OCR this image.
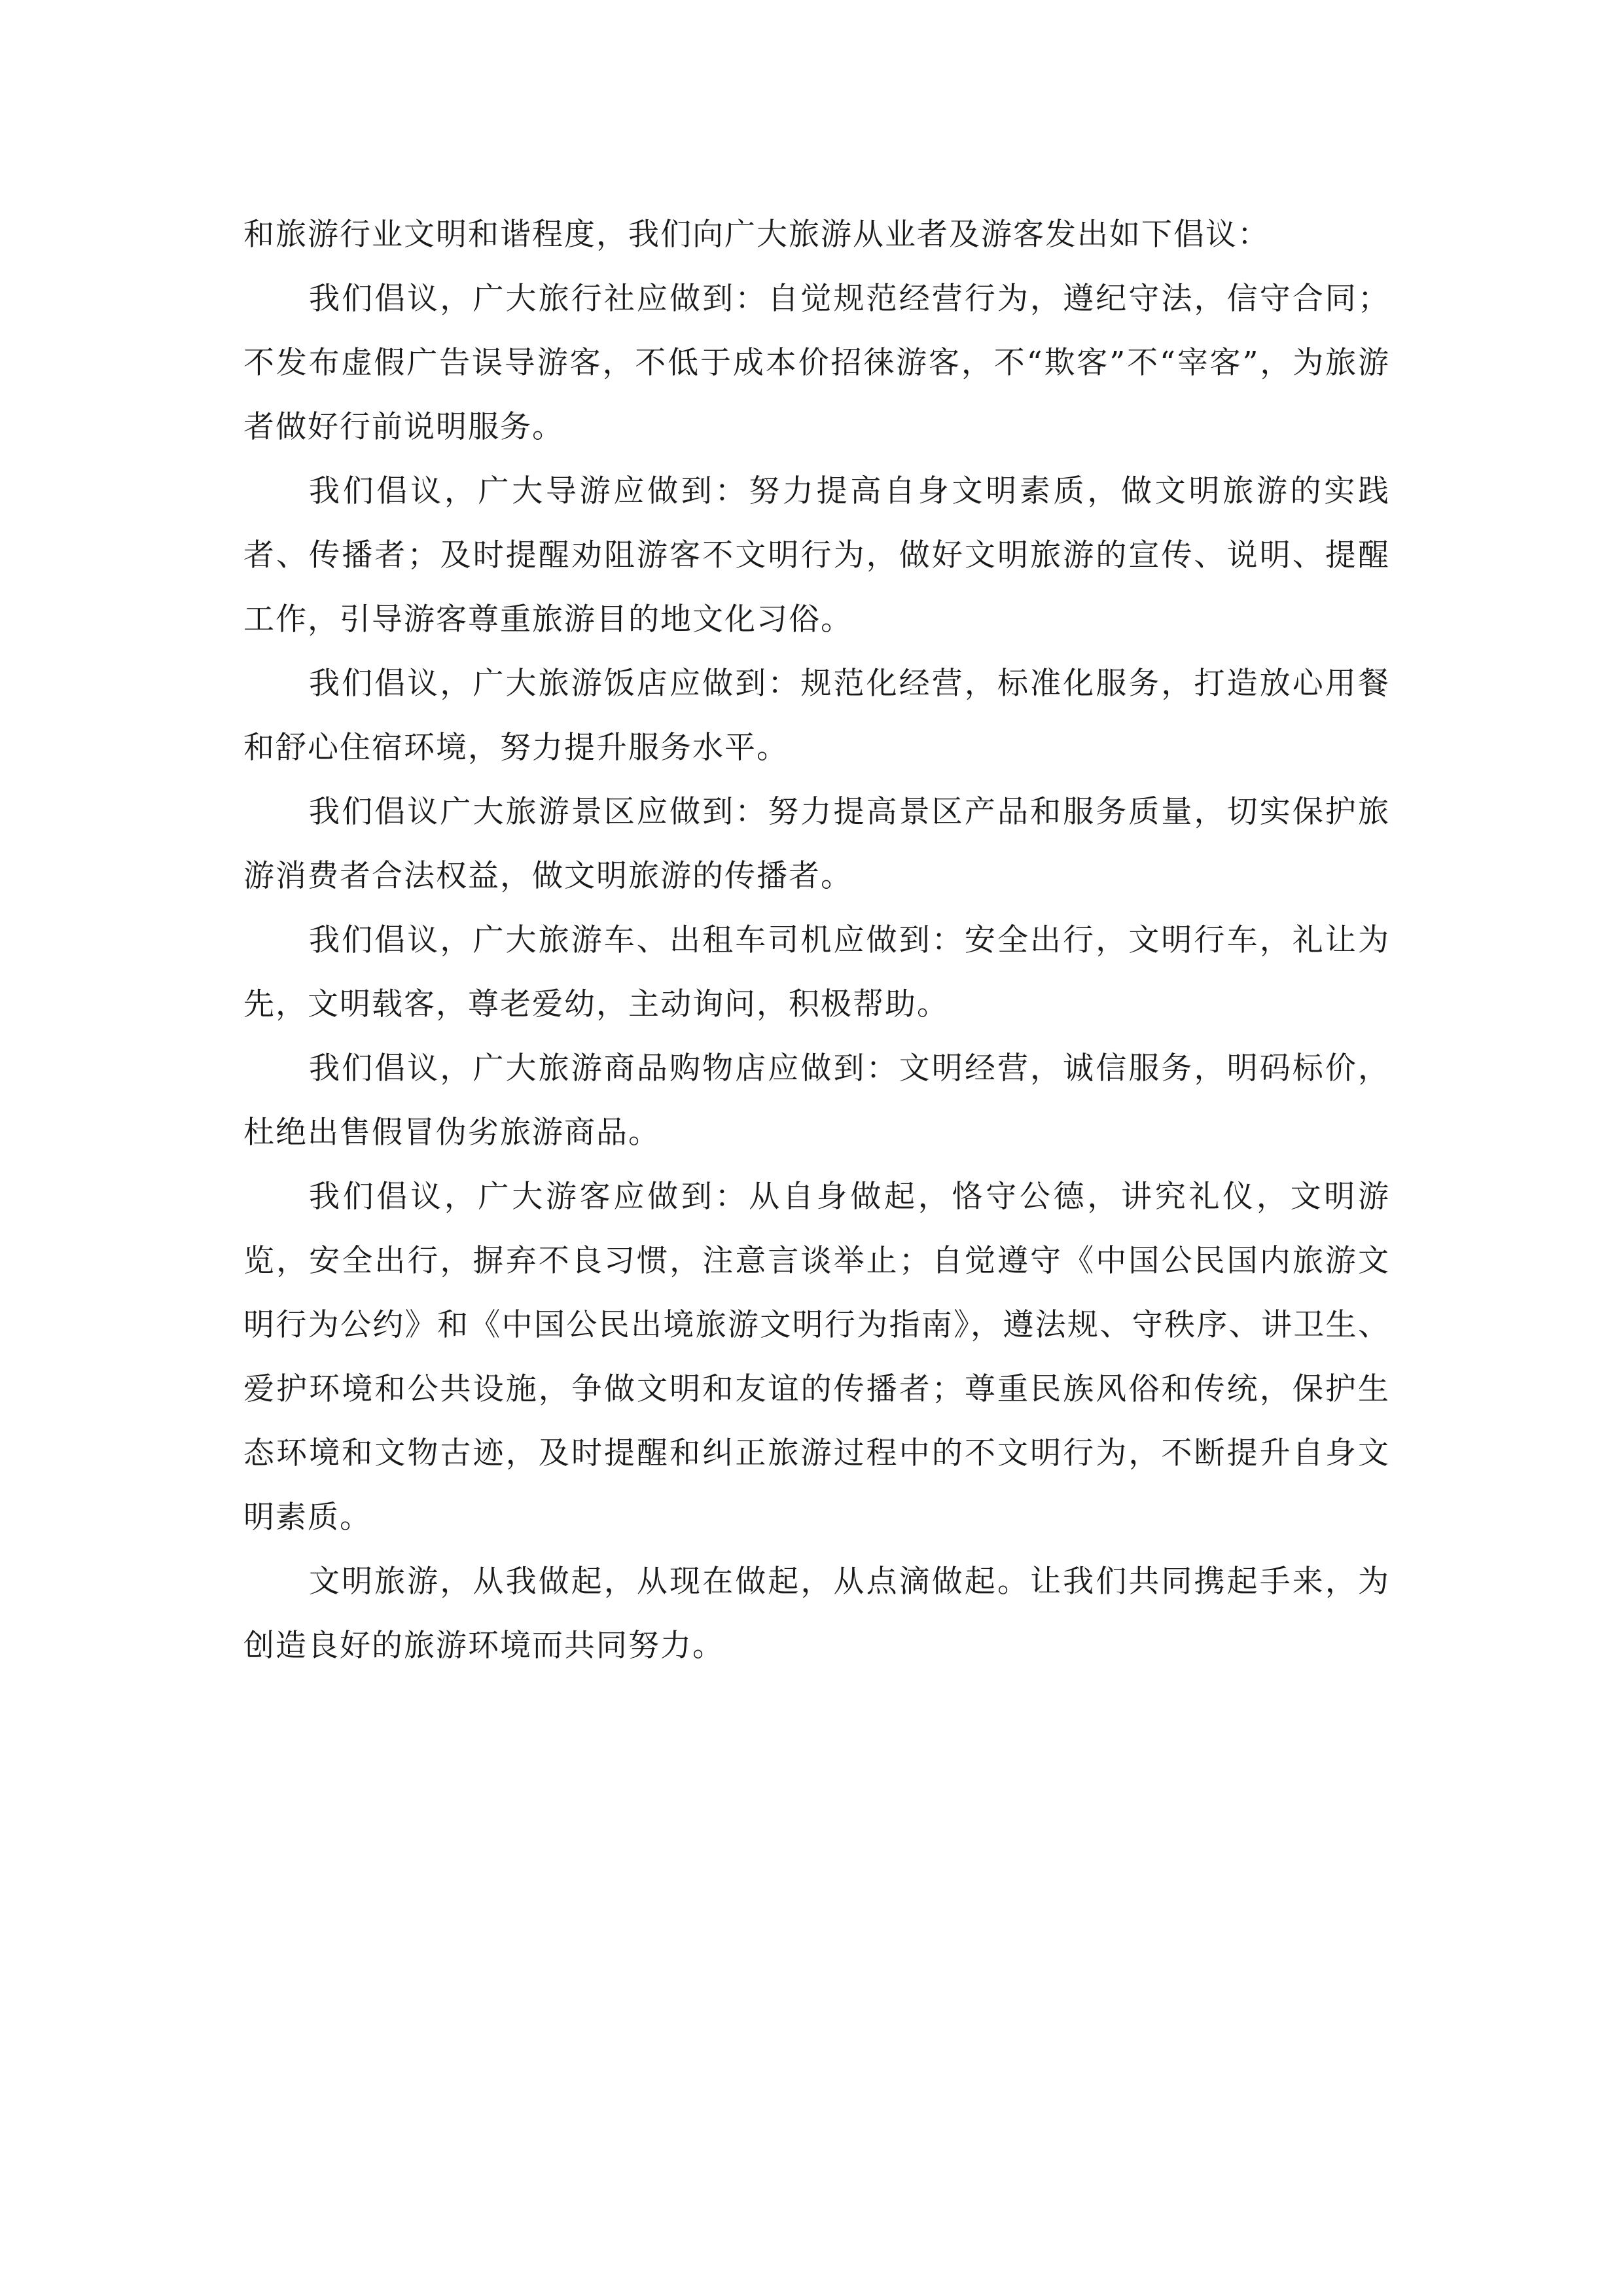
和旅游行业文明和谐程度，我们向广大旅游从业者及游客发出如下倡议：

我们倡议，广大旅行社应做到：自觉规范经营行为，遵纪守法，信守合同；不发布虚假广告误导游客，不低于成本价招徕游客，不“欺客”不“宰客”，为旅游者做好行前说明服务。

我们倡议，广大导游应做到：努力提高自身文明素质，做文明旅游的实践者、传播者；及时提醒劝阻游客不文明行为，做好文明旅游的宣传、说明、提醒工作，引导游客尊重旅游目的地文化习俗。

我们倡议，广大旅游饭店应做到：规范化经营，标准化服务，打造放心用餐和舒心住宿环境，努力提升服务水平。

我们倡议广大旅游景区应做到：努力提高景区产品和服务质量，切实保护旅游消费者合法权益，做文明旅游的传播者。

我们倡议，广大旅游车、出租车司机应做到：安全出行，文明行车，礼让为先，文明载客，尊老爱幼，主动询问，积极帮助。

我们倡议，广大旅游商品购物店应做到：文明经营，诚信服务，明码标价，杜绝出售假冒伪劣旅游商品。

我们倡议，广大游客应做到：从自身做起，恪守公德，讲究礼仪，文明游览，安全出行，摒弃不良习惯，注意言谈举止；自觉遵守《中国公民国内旅游文明行为公约》和《中国公民出境旅游文明行为指南》，遵法规、守秩序、讲卫生、爱护环境和公共设施，争做文明和友谊的传播者；尊重民族风俗和传统，保护生态环境和文物古迹，及时提醒和纠正旅游过程中的不文明行为，不断提升自身文明素质。

文明旅游，从我做起，从现在做起，从点滴做起。让我们共同携起手来，为创造良好的旅游环境而共同努力。
